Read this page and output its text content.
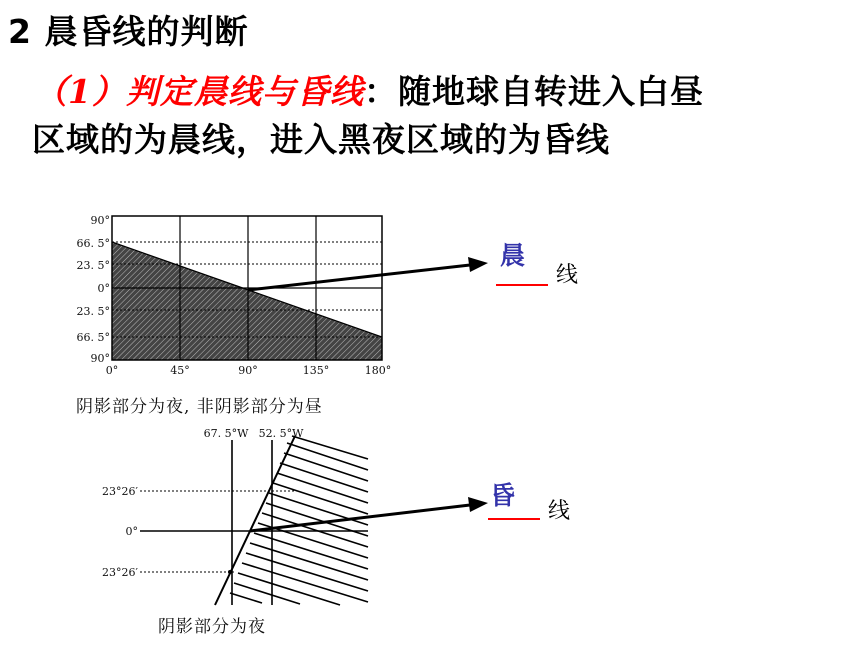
2 晨昏线的判断
（1）判定晨线与昏线：随地球自转进入白昼
区域的为晨线，进入黑夜区域的为昏线
90°
66. 5°
23. 5°
0°
23. 5°
66. 5°
90°
0°	45°	90°	135°	180°
67. 5°W 52. 5°W
23°26′
0°
23°26′
阴影部分为夜, 非阴影部分为昼
阴影部分为夜
晨
线
昏
线
